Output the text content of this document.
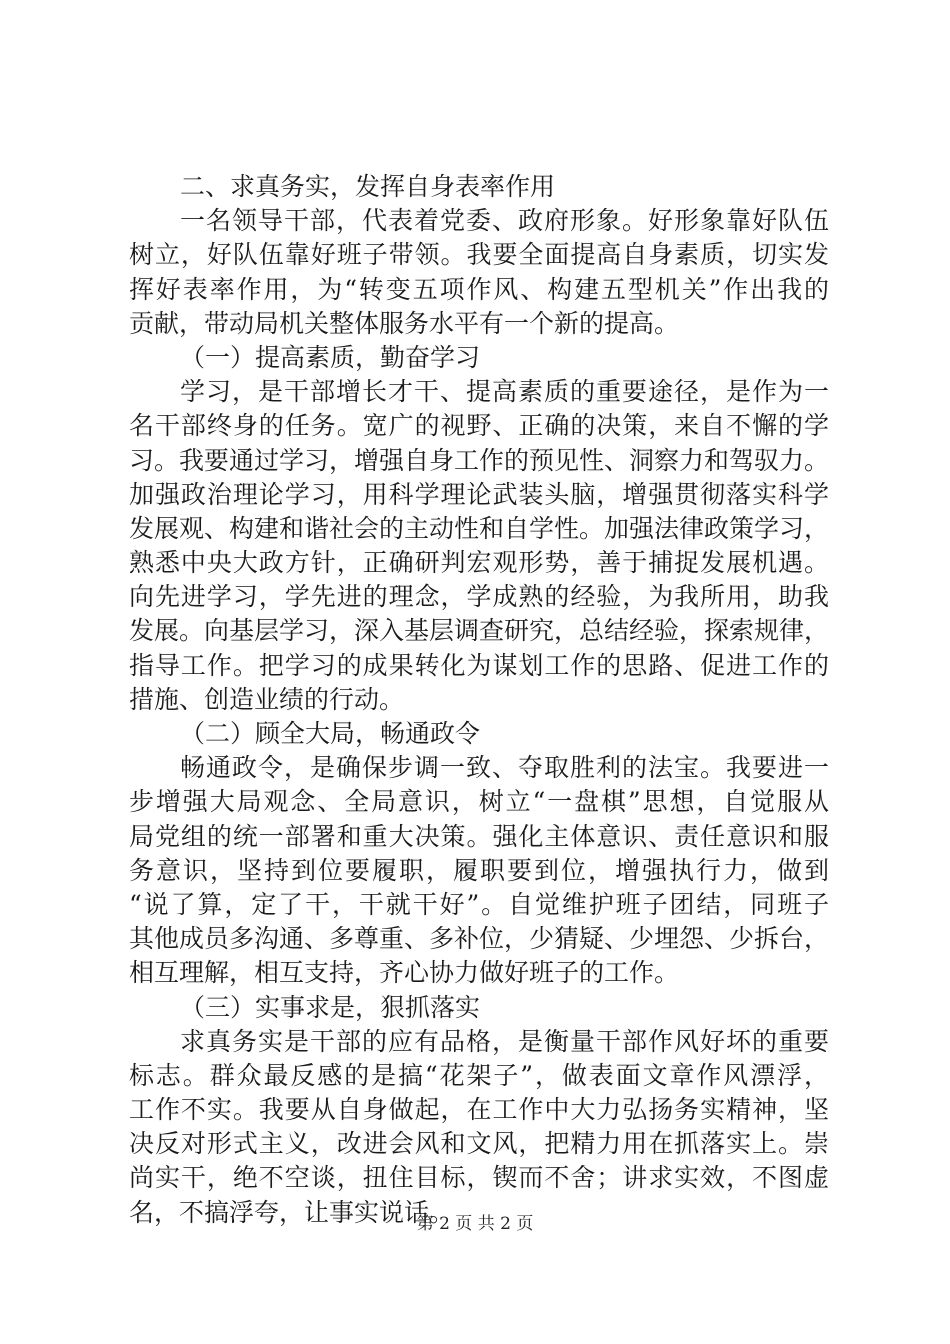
二、求真务实，发挥自身表率作用
一名领导干部，代表着党委、政府形象。好形象靠好队伍
树立，好队伍靠好班子带领。我要全面提高自身素质，切实发
挥好表率作用，为“转变五项作风、构建五型机关”作出我的
贡献，带动局机关整体服务水平有一个新的提高。
（一）提高素质，勤奋学习
学习，是干部增长才干、提高素质的重要途径，是作为一
名干部终身的任务。宽广的视野、正确的决策，来自不懈的学
习。我要通过学习，增强自身工作的预见性、洞察力和驾驭力。
加强政治理论学习，用科学理论武装头脑，增强贯彻落实科学
发展观、构建和谐社会的主动性和自学性。加强法律政策学习，
熟悉中央大政方针，正确研判宏观形势，善于捕捉发展机遇。
向先进学习，学先进的理念，学成熟的经验，为我所用，助我
发展。向基层学习，深入基层调查研究，总结经验，探索规律，
指导工作。把学习的成果转化为谋划工作的思路、促进工作的
措施、创造业绩的行动。
（二）顾全大局，畅通政令
畅通政令，是确保步调一致、夺取胜利的法宝。我要进一
步增强大局观念、全局意识，树立“一盘棋”思想，自觉服从
局党组的统一部署和重大决策。强化主体意识、责任意识和服
务意识，坚持到位要履职，履职要到位，增强执行力，做到
“说了算，定了干，干就干好”。自觉维护班子团结，同班子
其他成员多沟通、多尊重、多补位，少猜疑、少埋怨、少拆台，
相互理解，相互支持，齐心协力做好班子的工作。
（三）实事求是，狠抓落实
求真务实是干部的应有品格，是衡量干部作风好坏的重要
标志。群众最反感的是搞“花架子”，做表面文章作风漂浮，
工作不实。我要从自身做起，在工作中大力弘扬务实精神，坚
决反对形式主义，改进会风和文风，把精力用在抓落实上。崇
尚实干，绝不空谈，扭住目标，锲而不舍；讲求实效，不图虚
名，不搞浮夸，让事实说话。
第 2 页 共 2 页
